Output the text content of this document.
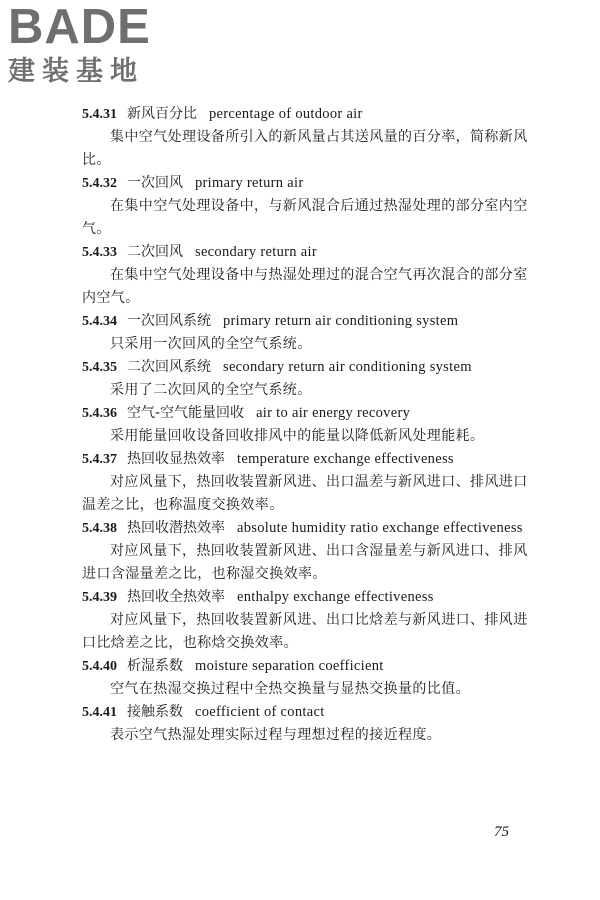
BADE
建装基地
5.4.31 新风百分比 percentage of outdoor air

集中空气处理设备所引入的新风量占其送风量的百分率，简称新风比。

5.4.32 一次回风 primary return air

在集中空气处理设备中，与新风混合后通过热湿处理的部分室内空气。

5.4.33 二次回风 secondary return air

在集中空气处理设备中与热湿处理过的混合空气再次混合的部分室内空气。

5.4.34 一次回风系统 primary return air conditioning system

只采用一次回风的全空气系统。

5.4.35 二次回风系统 secondary return air conditioning system

采用了二次回风的全空气系统。

5.4.36 空气-空气能量回收 air to air energy recovery

采用能量回收设备回收排风中的能量以降低新风处理能耗。

5.4.37 热回收显热效率 temperature exchange effectiveness

对应风量下，热回收装置新风进、出口温差与新风进口、排风进口温差之比，也称温度交换效率。

5.4.38 热回收潜热效率 absolute humidity ratio exchange effectiveness

对应风量下，热回收装置新风进、出口含湿量差与新风进口、排风进口含湿量差之比，也称湿交换效率。

5.4.39 热回收全热效率 enthalpy exchange effectiveness

对应风量下，热回收装置新风进、出口比焓差与新风进口、排风进口比焓差之比，也称焓交换效率。

5.4.40 析湿系数 moisture separation coefficient

空气在热湿交换过程中全热交换量与显热交换量的比值。

5.4.41 接触系数 coefficient of contact

表示空气热湿处理实际过程与理想过程的接近程度。

75
